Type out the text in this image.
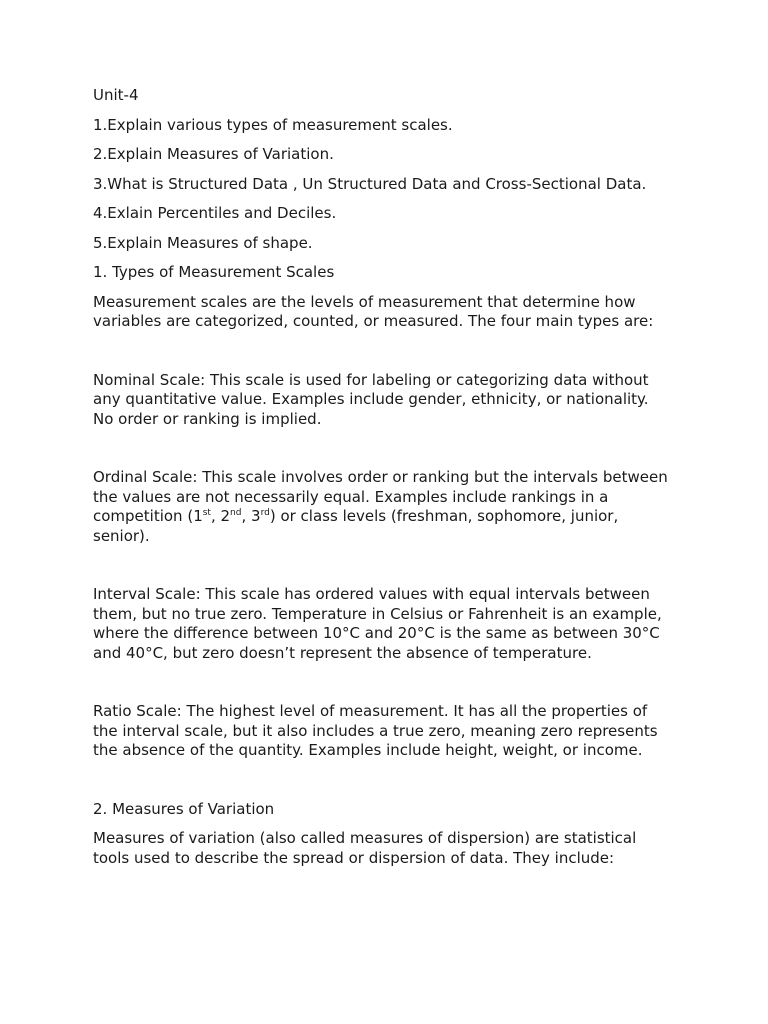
Unit-4
1.Explain various types of measurement scales.
2.Explain Measures of Variation.
3.What is Structured Data , Un Structured Data and Cross-Sectional Data.
4.Exlain Percentiles and Deciles.
5.Explain Measures of shape.
1. Types of Measurement Scales
Measurement scales are the levels of measurement that determine how variables are categorized, counted, or measured. The four main types are:
Nominal Scale: This scale is used for labeling or categorizing data without any quantitative value. Examples include gender, ethnicity, or nationality. No order or ranking is implied.
Ordinal Scale: This scale involves order or ranking but the intervals between the values are not necessarily equal. Examples include rankings in a competition (1st, 2nd, 3rd) or class levels (freshman, sophomore, junior, senior).
Interval Scale: This scale has ordered values with equal intervals between them, but no true zero. Temperature in Celsius or Fahrenheit is an example, where the difference between 10°C and 20°C is the same as between 30°C and 40°C, but zero doesn’t represent the absence of temperature.
Ratio Scale: The highest level of measurement. It has all the properties of the interval scale, but it also includes a true zero, meaning zero represents the absence of the quantity. Examples include height, weight, or income.
2. Measures of Variation
Measures of variation (also called measures of dispersion) are statistical tools used to describe the spread or dispersion of data. They include:
